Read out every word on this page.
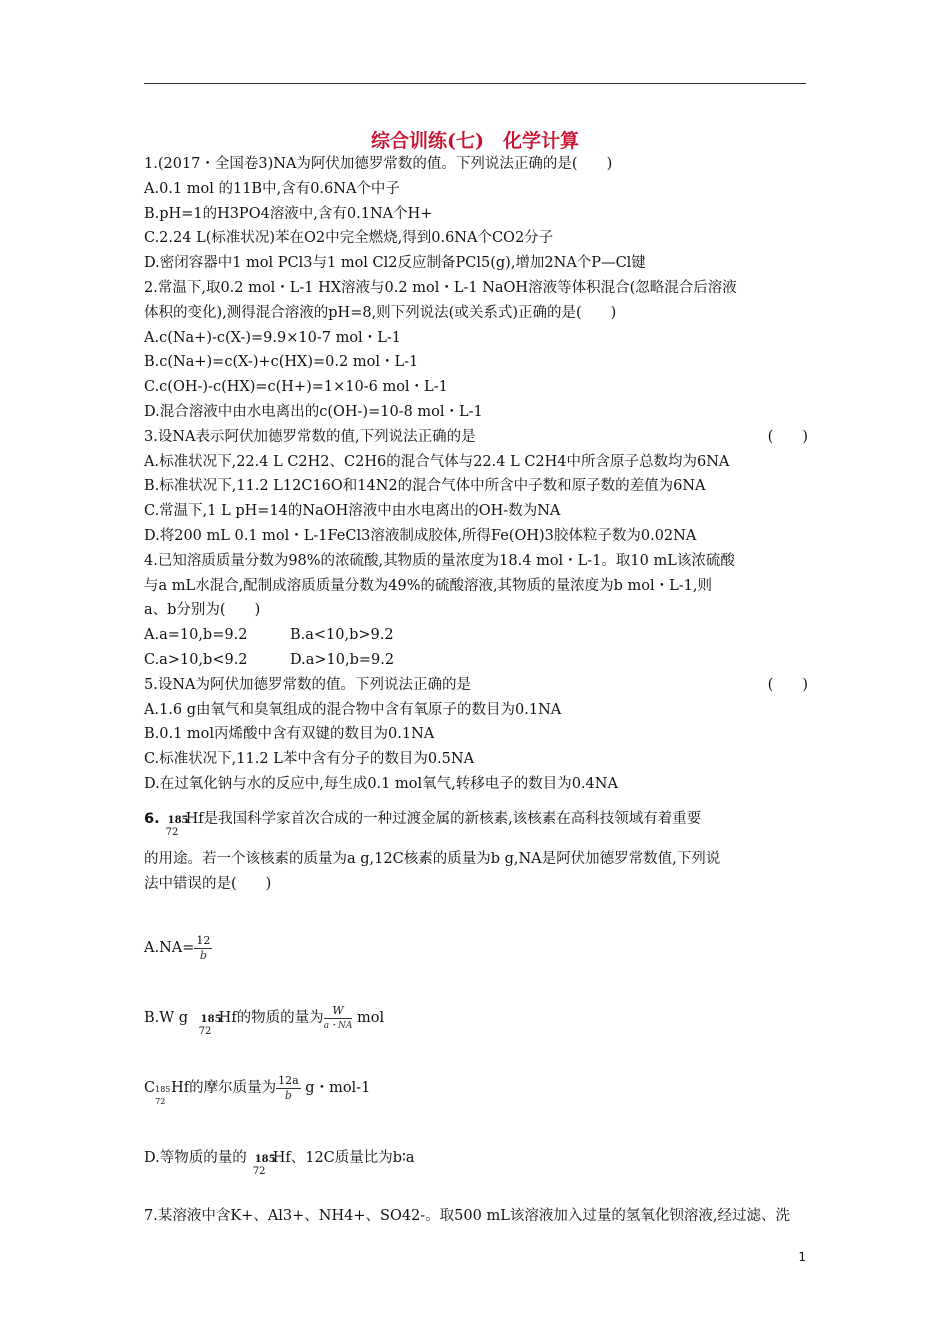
综合训练(七)　化学计算
1.(2017・全国卷3)NA为阿伏加德罗常数的值。下列说法正确的是(　　)
A.0.1 mol 的11B中,含有0.6NA个中子
B.pH=1的H3PO4溶液中,含有0.1NA个H+
C.2.24 L(标准状况)苯在O2中完全燃烧,得到0.6NA个CO2分子
D.密闭容器中1 mol PCl3与1 mol Cl2反应制备PCl5(g),增加2NA个P—Cl键
2.常温下,取0.2 mol・L-1 HX溶液与0.2 mol・L-1 NaOH溶液等体积混合(忽略混合后溶液
体积的变化),测得混合溶液的pH=8,则下列说法(或关系式)正确的是(　　)
A.c(Na+)-c(X-)=9.9×10-7 mol・L-1
B.c(Na+)=c(X-)+c(HX)=0.2 mol・L-1
C.c(OH-)-c(HX)=c(H+)=1×10-6 mol・L-1
D.混合溶液中由水电离出的c(OH-)=10-8 mol・L-1
3.设NA表示阿伏加德罗常数的值,下列说法正确的是	(　　)
A.标准状况下,22.4 L C2H2、C2H6的混合气体与22.4 L C2H4中所含原子总数均为6NA
B.标准状况下,11.2 L12C16O和14N2的混合气体中所含中子数和原子数的差值为6NA
C.常温下,1 L pH=14的NaOH溶液中由水电离出的OH-数为NA
D.将200 mL 0.1 mol・L-1FeCl3溶液制成胶体,所得Fe(OH)3胶体粒子数为0.02NA
4.已知溶质质量分数为98%的浓硫酸,其物质的量浓度为18.4 mol・L-1。取10 mL该浓硫酸
与a mL水混合,配制成溶质质量分数为49%的硫酸溶液,其物质的量浓度为b mol・L-1,则
a、b分别为(　　)
A.a=10,b=9.2	B.a<10,b>9.2
C.a>10,b<9.2	D.a>10,b=9.2
5.设NA为阿伏加德罗常数的值。下列说法正确的是	(　　)
A.1.6 g由氧气和臭氧组成的混合物中含有氧原子的数目为0.1NA
B.0.1 mol丙烯酸中含有双键的数目为0.1NA
C.标准状况下,11.2 L苯中含有分子的数目为0.5NA
D.在过氧化钠与水的反应中,每生成0.1 mol氧气,转移电子的数目为0.4NA
6. 185
72
Hf是我国科学家首次合成的一种过渡金属的新核素,该核素在高科技领域有着重要
的用途。若一个该核素的质量为a g,12C核素的质量为b g,NA是阿伏加德罗常数值,下列说
法中错误的是(　　)
$A.NA= \frac{12}{b}$
B.W g 185
72
Hf的物质的量为 $\frac{W}{a・NA}$ mol
C 185
72
Hf的摩尔质量为 $\frac{12a}{b}$ g・mol-1
D.等物质的量的 185
72
Hf、12C质量比为b∶a
7.某溶液中含K+、Al3+、NH4+、SO42-。取500 mL该溶液加入过量的氢氧化钡溶液,经过滤、洗
1
